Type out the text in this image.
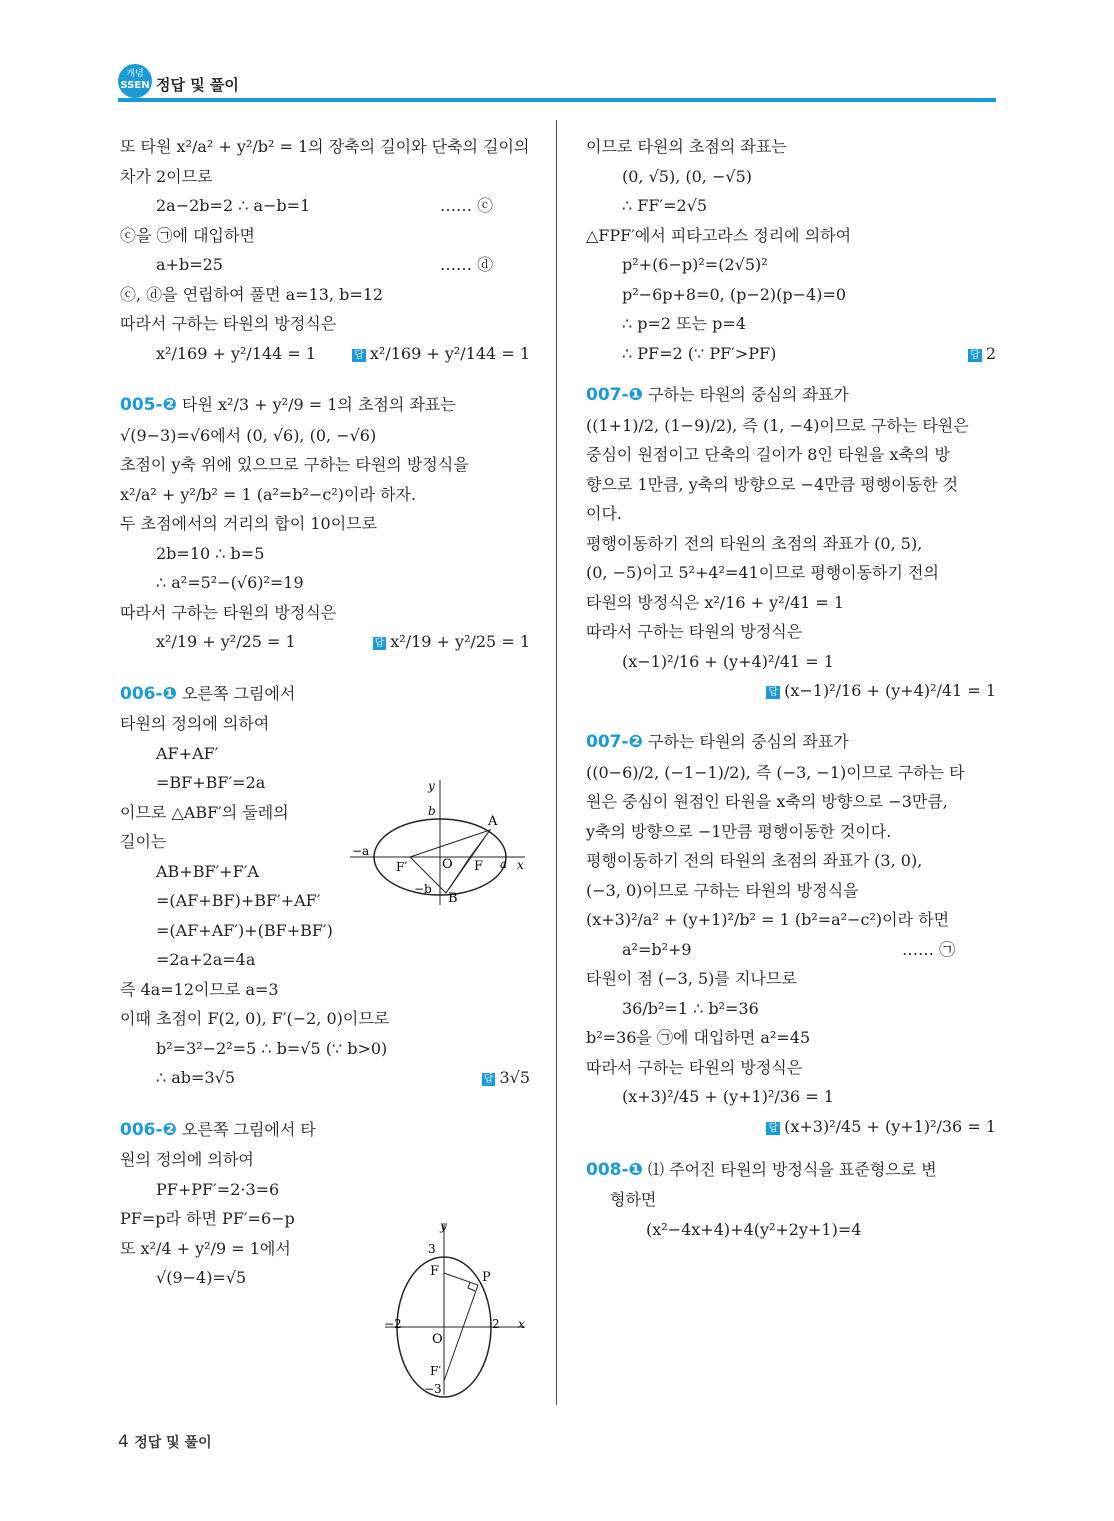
개념
SSEN 정답 및 풀이
또 타원 x²/a² + y²/b² = 1의 장축의 길이와 단축의 길이의
차가 2이므로
2a−2b=2 ∴ a−b=1	…… ⓒ
ⓒ을 ㉠에 대입하면
a+b=25	…… ⓓ
ⓒ, ⓓ을 연립하여 풀면 a=13, b=12
따라서 구하는 타원의 방정식은
x²/169 + y²/144 = 1	답 x²/169 + y²/144 = 1
005-❷ 타원 x²/3 + y²/9 = 1의 초점의 좌표는
√(9−3)=√6에서 (0, √6), (0, −√6)
초점이 y축 위에 있으므로 구하는 타원의 방정식을
x²/a² + y²/b² = 1 (a²=b²−c²)이라 하자.
두 초점에서의 거리의 합이 10이므로
2b=10 ∴ b=5
∴ a²=5²−(√6)²=19
따라서 구하는 타원의 방정식은
x²/19 + y²/25 = 1	답 x²/19 + y²/25 = 1
006-❶ 오른쪽 그림에서
타원의 정의에 의하여
AF+AF′
=BF+BF′=2a
이므로 △ABF′의 둘레의
길이는
AB+BF′+F′A
=(AF+BF)+BF′+AF′
=(AF+AF′)+(BF+BF′)
=2a+2a=4a
즉 4a=12이므로 a=3
이때 초점이 F(2, 0), F′(−2, 0)이므로
b²=3²−2²=5 ∴ b=√5 (∵ b>0)
∴ ab=3√5	답 3√5
006-❷ 오른쪽 그림에서 타
원의 정의에 의하여
PF+PF′=2·3=6
PF=p라 하면 PF′=6−p
또 x²/4 + y²/9 = 1에서
√(9−4)=√5
y
b
A
−a
F′	O F a x
−b
B
y
3
F	P
−2
O
2 x
F′
−3
이므로 타원의 초점의 좌표는
(0, √5), (0, −√5)
∴ FF′=2√5
△FPF′에서 피타고라스 정리에 의하여
p²+(6−p)²=(2√5)²
p²−6p+8=0, (p−2)(p−4)=0
∴ p=2 또는 p=4
∴ PF=2 (∵ PF′>PF)	답 2
007-❶ 구하는 타원의 중심의 좌표가
((1+1)/2, (1−9)/2), 즉 (1, −4)이므로 구하는 타원은
중심이 원점이고 단축의 길이가 8인 타원을 x축의 방
향으로 1만큼, y축의 방향으로 −4만큼 평행이동한 것
이다.
평행이동하기 전의 타원의 초점의 좌표가 (0, 5),
(0, −5)이고 5²+4²=41이므로 평행이동하기 전의
타원의 방정식은 x²/16 + y²/41 = 1
따라서 구하는 타원의 방정식은
(x−1)²/16 + (y+4)²/41 = 1
답 (x−1)²/16 + (y+4)²/41 = 1
007-❷ 구하는 타원의 중심의 좌표가
((0−6)/2, (−1−1)/2), 즉 (−3, −1)이므로 구하는 타
원은 중심이 원점인 타원을 x축의 방향으로 −3만큼,
y축의 방향으로 −1만큼 평행이동한 것이다.
평행이동하기 전의 타원의 초점의 좌표가 (3, 0),
(−3, 0)이므로 구하는 타원의 방정식을
(x+3)²/a² + (y+1)²/b² = 1 (b²=a²−c²)이라 하면
a²=b²+9	…… ㉠
타원이 점 (−3, 5)를 지나므로
36/b²=1 ∴ b²=36
b²=36을 ㉠에 대입하면 a²=45
따라서 구하는 타원의 방정식은
(x+3)²/45 + (y+1)²/36 = 1
답 (x+3)²/45 + (y+1)²/36 = 1
008-❶ ⑴ 주어진 타원의 방정식을 표준형으로 변
형하면
(x²−4x+4)+4(y²+2y+1)=4
4 정답 및 풀이
